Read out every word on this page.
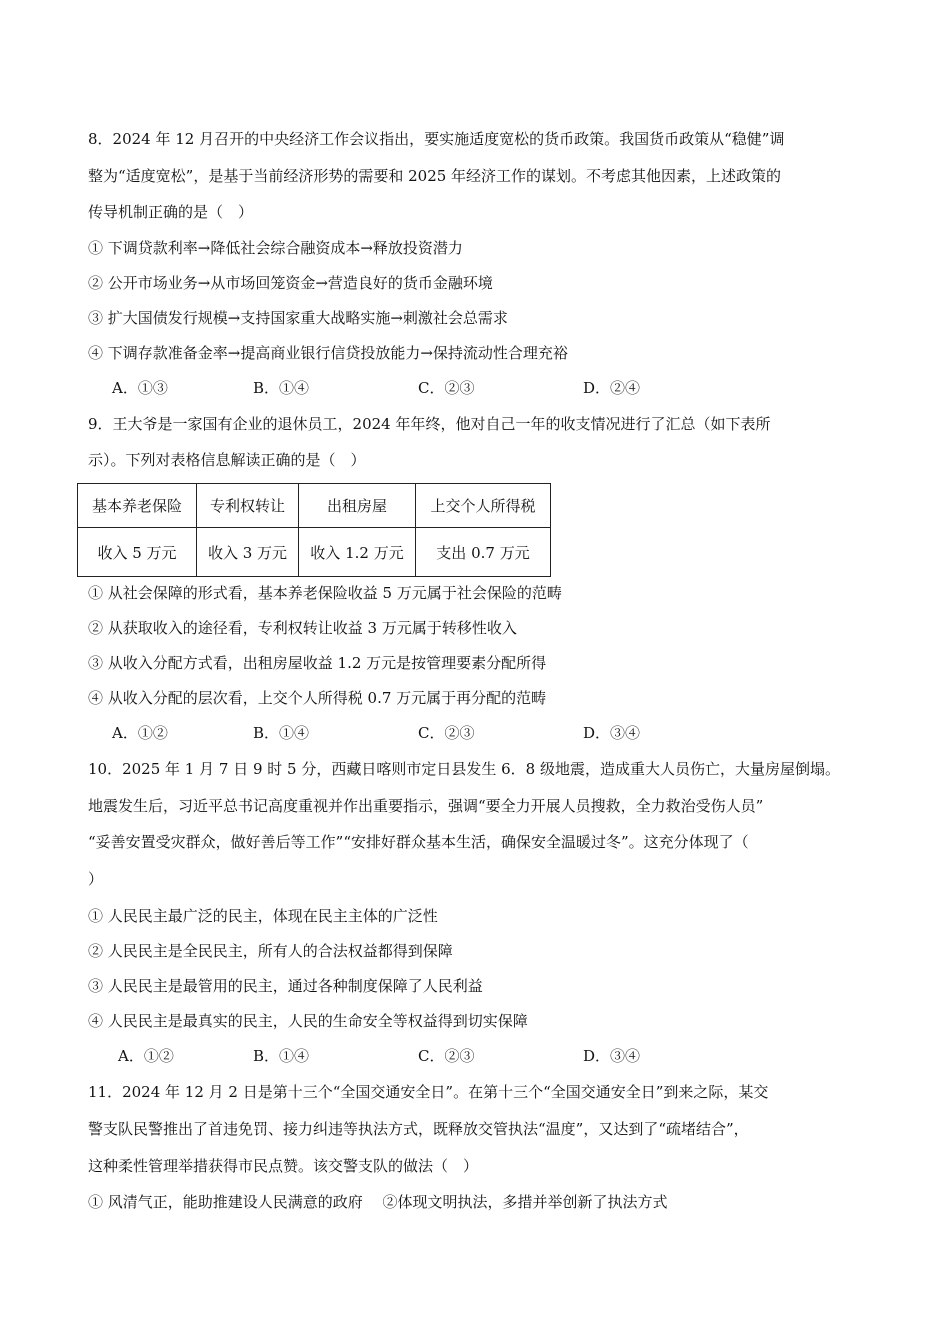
8．2024 年 12 月召开的中央经济工作会议指出，要实施适度宽松的货币政策。我国货币政策从“稳健”调
整为“适度宽松”，是基于当前经济形势的需要和 2025 年经济工作的谋划。不考虑其他因素，上述政策的
传导机制正确的是（　）
① 下调贷款利率→降低社会综合融资成本→释放投资潜力
② 公开市场业务→从市场回笼资金→营造良好的货币金融环境
③ 扩大国债发行规模→支持国家重大战略实施→刺激社会总需求
④ 下调存款准备金率→提高商业银行信贷投放能力→保持流动性合理充裕
A．①③	B．①④	C．②③	D．②④
9．王大爷是一家国有企业的退休员工，2024 年年终，他对自己一年的收支情况进行了汇总（如下表所
示）。下列对表格信息解读正确的是（　）
基本养老保险	专利权转让	出租房屋	上交个人所得税
收入 5 万元	收入 3 万元	收入 1.2 万元	支出 0.7 万元
① 从社会保障的形式看，基本养老保险收益 5 万元属于社会保险的范畴
② 从获取收入的途径看，专利权转让收益 3 万元属于转移性收入
③ 从收入分配方式看，出租房屋收益 1.2 万元是按管理要素分配所得
④ 从收入分配的层次看，上交个人所得税 0.7 万元属于再分配的范畴
A．①②	B．①④	C．②③	D．③④
10．2025 年 1 月 7 日 9 时 5 分，西藏日喀则市定日县发生 6．8 级地震，造成重大人员伤亡，大量房屋倒塌。
地震发生后，习近平总书记高度重视并作出重要指示，强调“要全力开展人员搜救，全力救治受伤人员”
“妥善安置受灾群众，做好善后等工作”“安排好群众基本生活，确保安全温暖过冬”。这充分体现了（
）
① 人民民主最广泛的民主，体现在民主主体的广泛性
② 人民民主是全民民主，所有人的合法权益都得到保障
③ 人民民主是最管用的民主，通过各种制度保障了人民利益
④ 人民民主是最真实的民主，人民的生命安全等权益得到切实保障
A．①②	B．①④	C．②③	D．③④
11．2024 年 12 月 2 日是第十三个“全国交通安全日”。在第十三个“全国交通安全日”到来之际，某交
警支队民警推出了首违免罚、接力纠违等执法方式，既释放交管执法“温度”，又达到了“疏堵结合”，
这种柔性管理举措获得市民点赞。该交警支队的做法（　）
① 风清气正，能助推建设人民满意的政府　 ②体现文明执法，多措并举创新了执法方式
